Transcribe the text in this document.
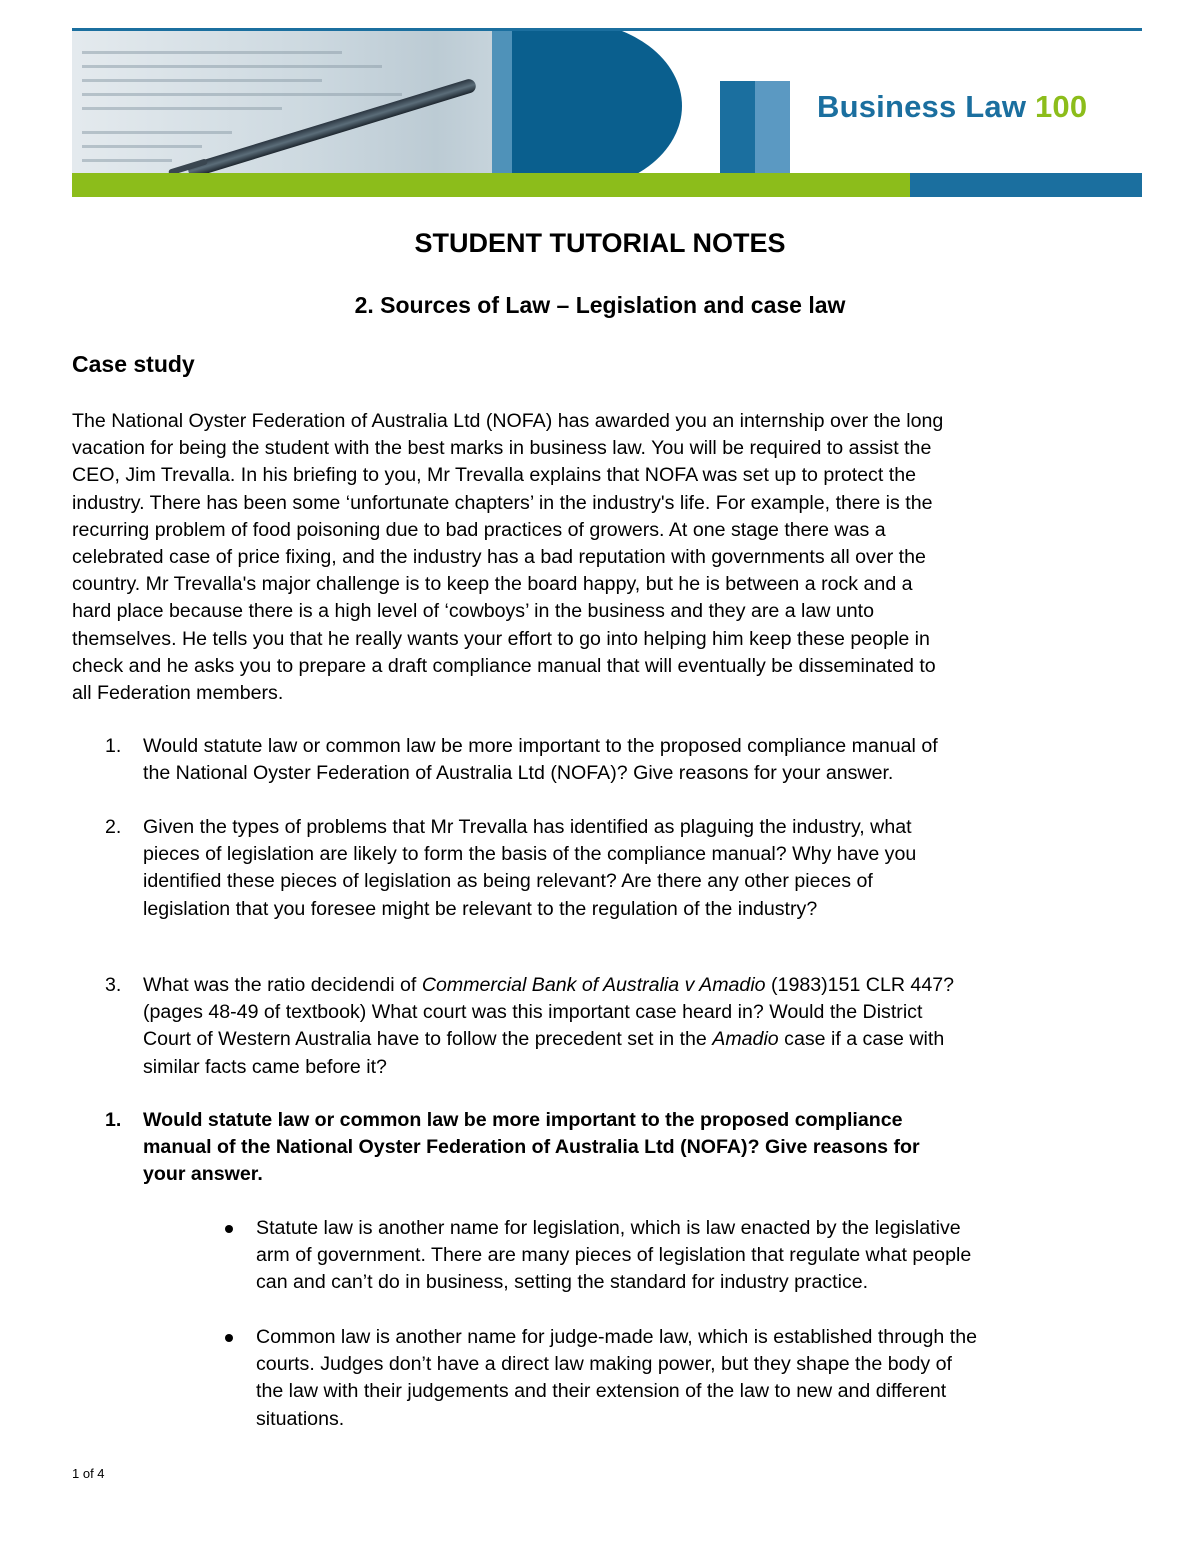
Business Law 100
STUDENT TUTORIAL NOTES
2. Sources of Law – Legislation and case law
Case study
The National Oyster Federation of Australia Ltd (NOFA) has awarded you an internship over the long
vacation for being the student with the best marks in business law. You will be required to assist the
CEO, Jim Trevalla. In his briefing to you, Mr Trevalla explains that NOFA was set up to protect the
industry. There has been some ‘unfortunate chapters’ in the industry's life. For example, there is the
recurring problem of food poisoning due to bad practices of growers. At one stage there was a
celebrated case of price fixing, and the industry has a bad reputation with governments all over the
country. Mr Trevalla's major challenge is to keep the board happy, but he is between a rock and a
hard place because there is a high level of ‘cowboys’ in the business and they are a law unto
themselves. He tells you that he really wants your effort to go into helping him keep these people in
check and he asks you to prepare a draft compliance manual that will eventually be disseminated to
all Federation members.
1. Would statute law or common law be more important to the proposed compliance manual of
the National Oyster Federation of Australia Ltd (NOFA)? Give reasons for your answer.
2. Given the types of problems that Mr Trevalla has identified as plaguing the industry, what
pieces of legislation are likely to form the basis of the compliance manual? Why have you
identified these pieces of legislation as being relevant? Are there any other pieces of
legislation that you foresee might be relevant to the regulation of the industry?
3. What was the ratio decidendi of Commercial Bank of Australia v Amadio (1983)151 CLR 447?
(pages 48-49 of textbook) What court was this important case heard in? Would the District
Court of Western Australia have to follow the precedent set in the Amadio case if a case with
similar facts came before it?
1. Would statute law or common law be more important to the proposed compliance
manual of the National Oyster Federation of Australia Ltd (NOFA)? Give reasons for
your answer.
Statute law is another name for legislation, which is law enacted by the legislative
arm of government. There are many pieces of legislation that regulate what people
can and can’t do in business, setting the standard for industry practice.
Common law is another name for judge-made law, which is established through the
courts. Judges don’t have a direct law making power, but they shape the body of
the law with their judgements and their extension of the law to new and different
situations.
1 of 4
